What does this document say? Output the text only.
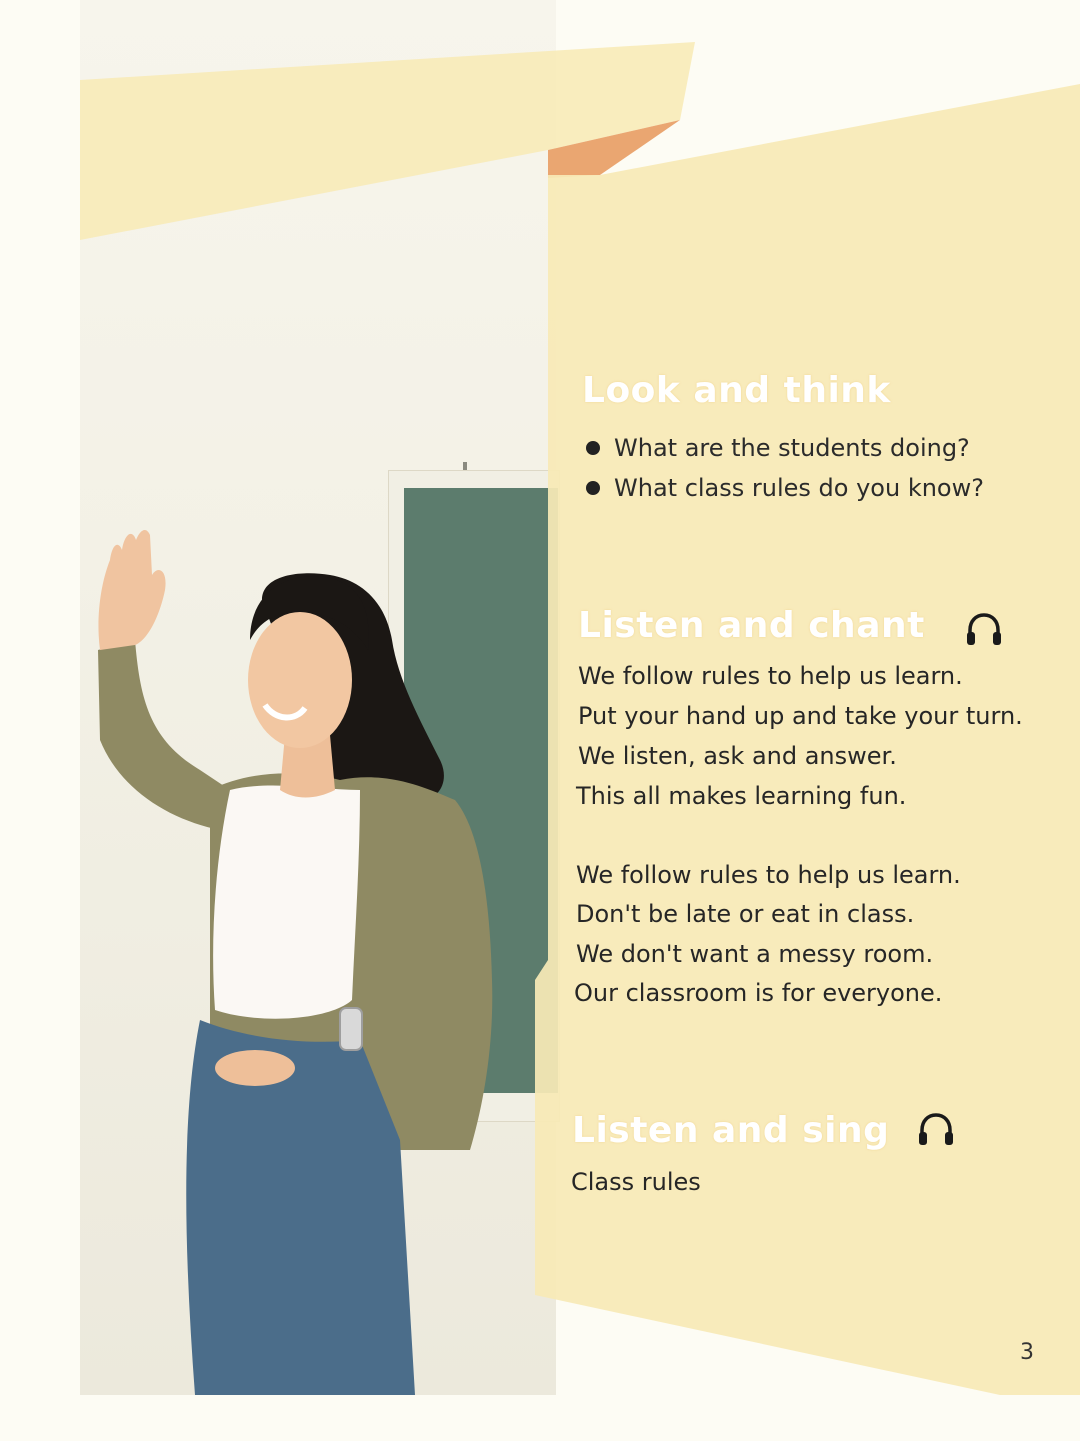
Look and think
What are the students doing?
What class rules do you know?
Listen and chant
We follow rules to help us learn.
Put your hand up and take your turn.
We listen, ask and answer.
This all makes learning fun.
We follow rules to help us learn.
Don't be late or eat in class.
We don't want a messy room.
Our classroom is for everyone.
Listen and sing
Class rules
3
